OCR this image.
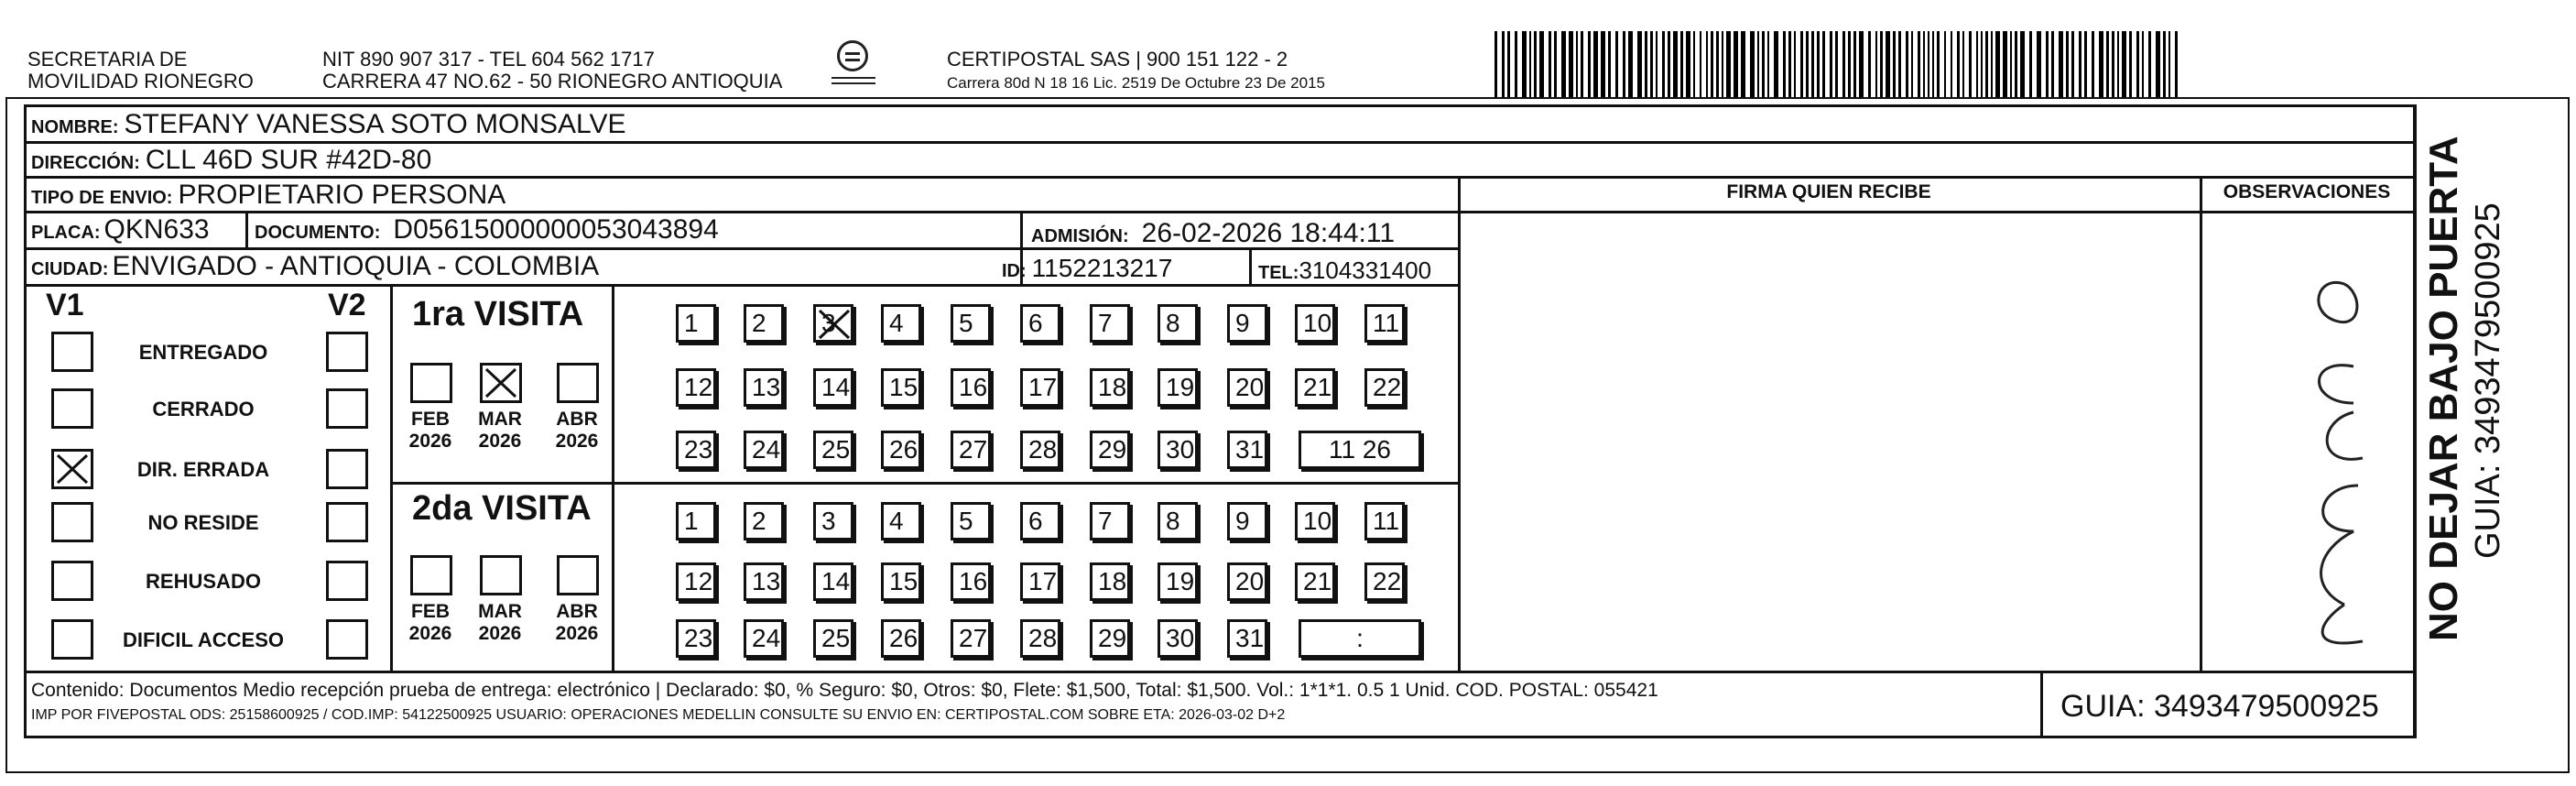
SECRETARIA DE
MOVILIDAD RIONEGRO
NIT 890 907 317 - TEL 604 562 1717
CARRERA 47 NO.62 - 50 RIONEGRO ANTIOQUIA
CERTIPOSTAL SAS | 900 151 122 - 2
Carrera 80d N 18 16 Lic. 2519 De Octubre 23 De 2015
NOMBRE: STEFANY VANESSA SOTO MONSALVE
DIRECCIÓN: CLL 46D SUR #42D-80
TIPO DE ENVIO: PROPIETARIO PERSONA
PLACA: QKN633 DOCUMENTO: D05615000000053043894	ADMISIÓN: 26-02-2026 18:44:11
CIUDAD: ENVIGADO - ANTIOQUIA - COLOMBIA	ID: 1152213217	TEL:3104331400
FIRMA QUIEN RECIBE	OBSERVACIONES
V1	V2
ENTREGADO
CERRADO
DIR. ERRADA
NO RESIDE
REHUSADO
DIFICIL ACCESO
1ra VISITA
2da VISITA
FEB
2026
MAR
2026
ABR
2026
FEB
2026
MAR
2026
ABR
2026
1	2	3	4	5	6	7	8	9	10	11
12	13	14	15	16	17	18	19	20	21	22
23	24	25	26	27	28	29	30	31	11 26
1	2	3	4	5	6	7	8	9	10	11
12	13	14	15	16	17	18	19	20	21	22
23	24	25	26	27	28	29	30	31	:	NO DEJAR BAJO PUERTA GUIA: 3493479500925
Contenido: Documentos Medio recepción prueba de entrega: electrónico | Declarado: $0, % Seguro: $0, Otros: $0, Flete: $1,500, Total: $1,500. Vol.: 1*1*1. 0.5 1 Unid. COD. POSTAL: 055421
IMP POR FIVEPOSTAL ODS: 25158600925 / COD.IMP: 54122500925 USUARIO: OPERACIONES MEDELLIN CONSULTE SU ENVIO EN: CERTIPOSTAL.COM SOBRE ETA: 2026-03-02 D+2	GUIA: 3493479500925
